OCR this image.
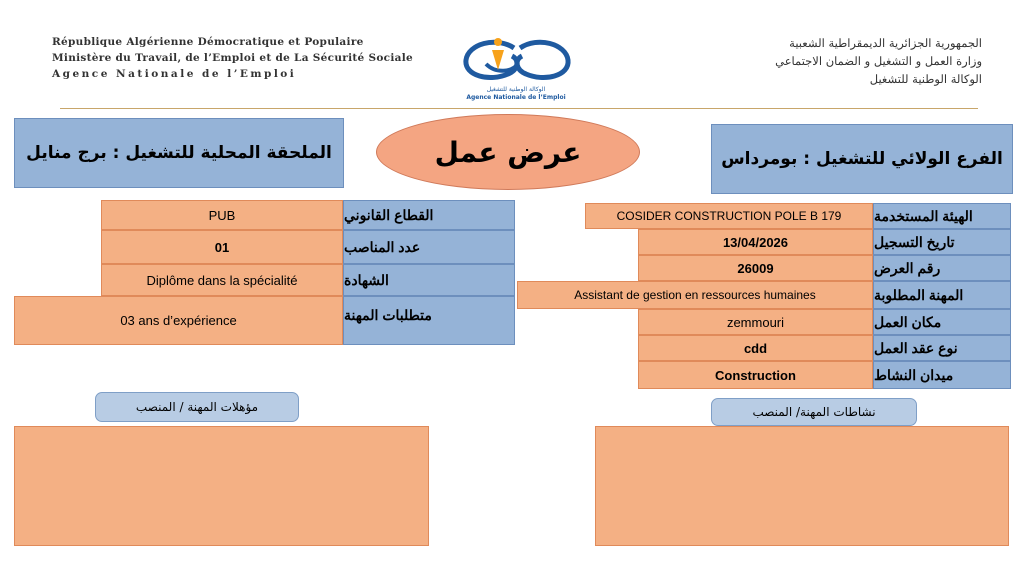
République Algérienne Démocratique et Populaire
Ministère du Travail, de l’Emploi et de La Sécurité Sociale
Agence Nationale de l’Emploi
الوكالة الوطنية للتشغيل
Agence Nationale de l’Emploi
الجمهورية الجزائرية الديمقراطية الشعبية
وزارة العمل و التشغيل و الضمان الاجتماعي
الوكالة الوطنية للتشغيل
الملحقة المحلية للتشغيل : برج منايل	عرض عمل	الفرع الولائي للتشغيل : بومرداس
PUB	القطاع القانوني
01	عدد المناصب
Diplôme dans la spécialité	الشهادة
03 ans d’expérience	متطلبات المهنة
COSIDER CONSTRUCTION POLE B 179	الهيئة المستخدمة
13/04/2026	تاريخ التسجيل
26009	رقم العرض
Assistant de gestion en ressources humaines	المهنة المطلوبة
zemmouri	مكان العمل
cdd	نوع عقد العمل
Construction	ميدان النشاط
مؤهلات المهنة / المنصب	نشاطات المهنة/ المنصب
